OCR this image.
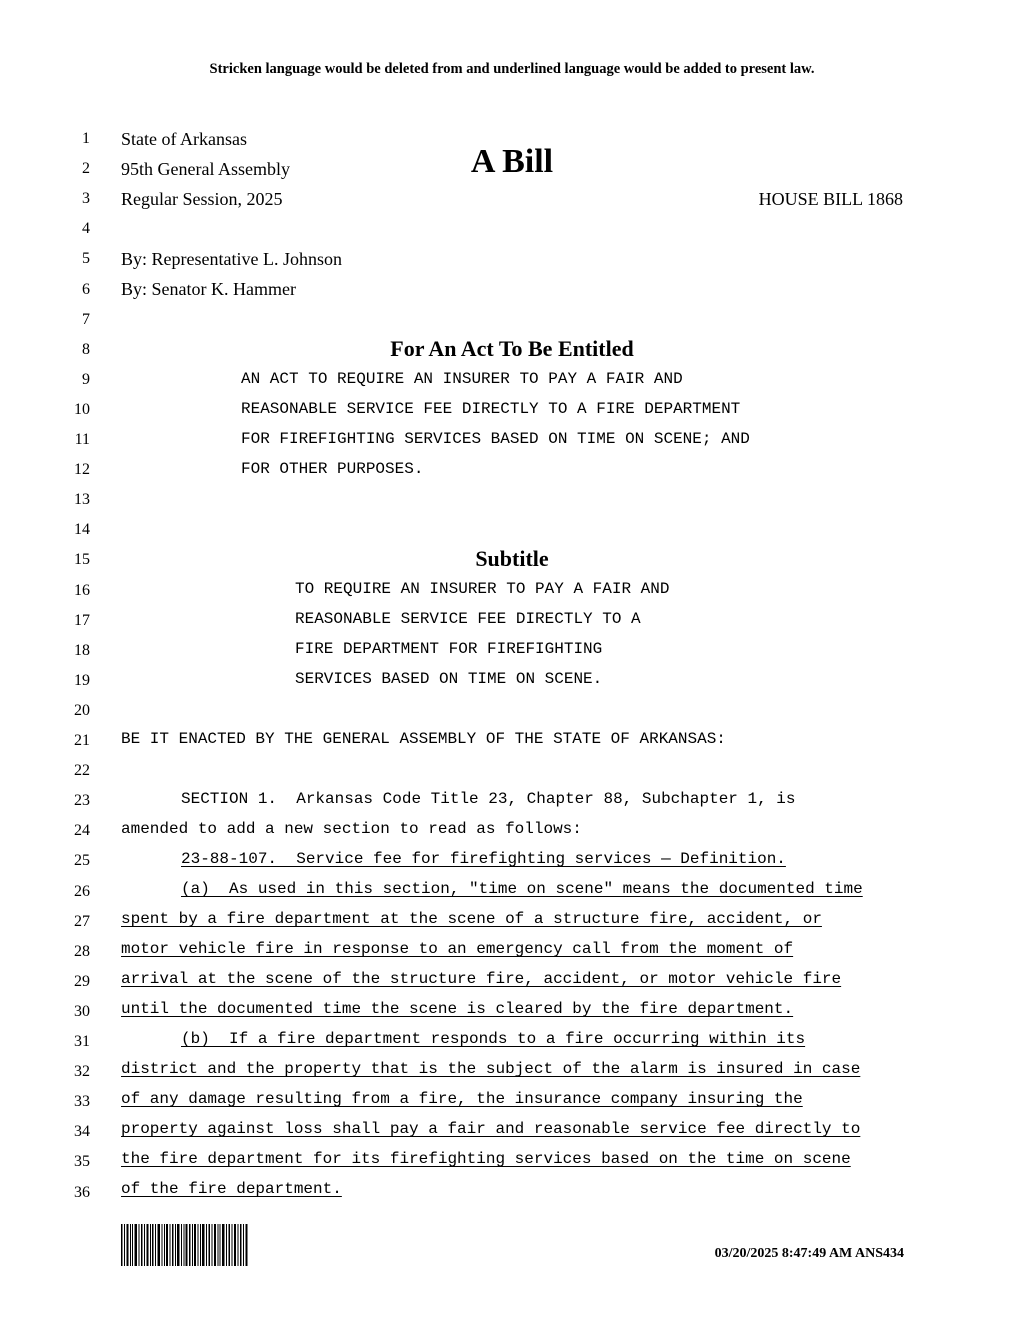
Stricken language would be deleted from and underlined language would be added to present law.
A Bill
1
2
3
4
5
6
7
8
9
10
11
12
13
14
15
16
17
18
19
20
21
22
23
24
25
26
27
28
29
30
31
32
33
34
35
36
State of Arkansas
95th General Assembly
Regular Session, 2025	HOUSE BILL 1868
By: Representative L. Johnson
By: Senator K. Hammer
For An Act To Be Entitled
AN ACT TO REQUIRE AN INSURER TO PAY A FAIR AND
REASONABLE SERVICE FEE DIRECTLY TO A FIRE DEPARTMENT
FOR FIREFIGHTING SERVICES BASED ON TIME ON SCENE; AND
FOR OTHER PURPOSES.
Subtitle
TO REQUIRE AN INSURER TO PAY A FAIR AND
REASONABLE SERVICE FEE DIRECTLY TO A
FIRE DEPARTMENT FOR FIREFIGHTING
SERVICES BASED ON TIME ON SCENE.
BE IT ENACTED BY THE GENERAL ASSEMBLY OF THE STATE OF ARKANSAS:
SECTION 1.  Arkansas Code Title 23, Chapter 88, Subchapter 1, is
amended to add a new section to read as follows:
23-88-107.  Service fee for firefighting services — Definition.
(a)  As used in this section, "time on scene" means the documented time
spent by a fire department at the scene of a structure fire, accident, or
motor vehicle fire in response to an emergency call from the moment of
arrival at the scene of the structure fire, accident, or motor vehicle fire
until the documented time the scene is cleared by the fire department.
(b)  If a fire department responds to a fire occurring within its
district and the property that is the subject of the alarm is insured in case
of any damage resulting from a fire, the insurance company insuring the
property against loss shall pay a fair and reasonable service fee directly to
the fire department for its firefighting services based on the time on scene
of the fire department.
03/20/2025 8:47:49 AM ANS434
